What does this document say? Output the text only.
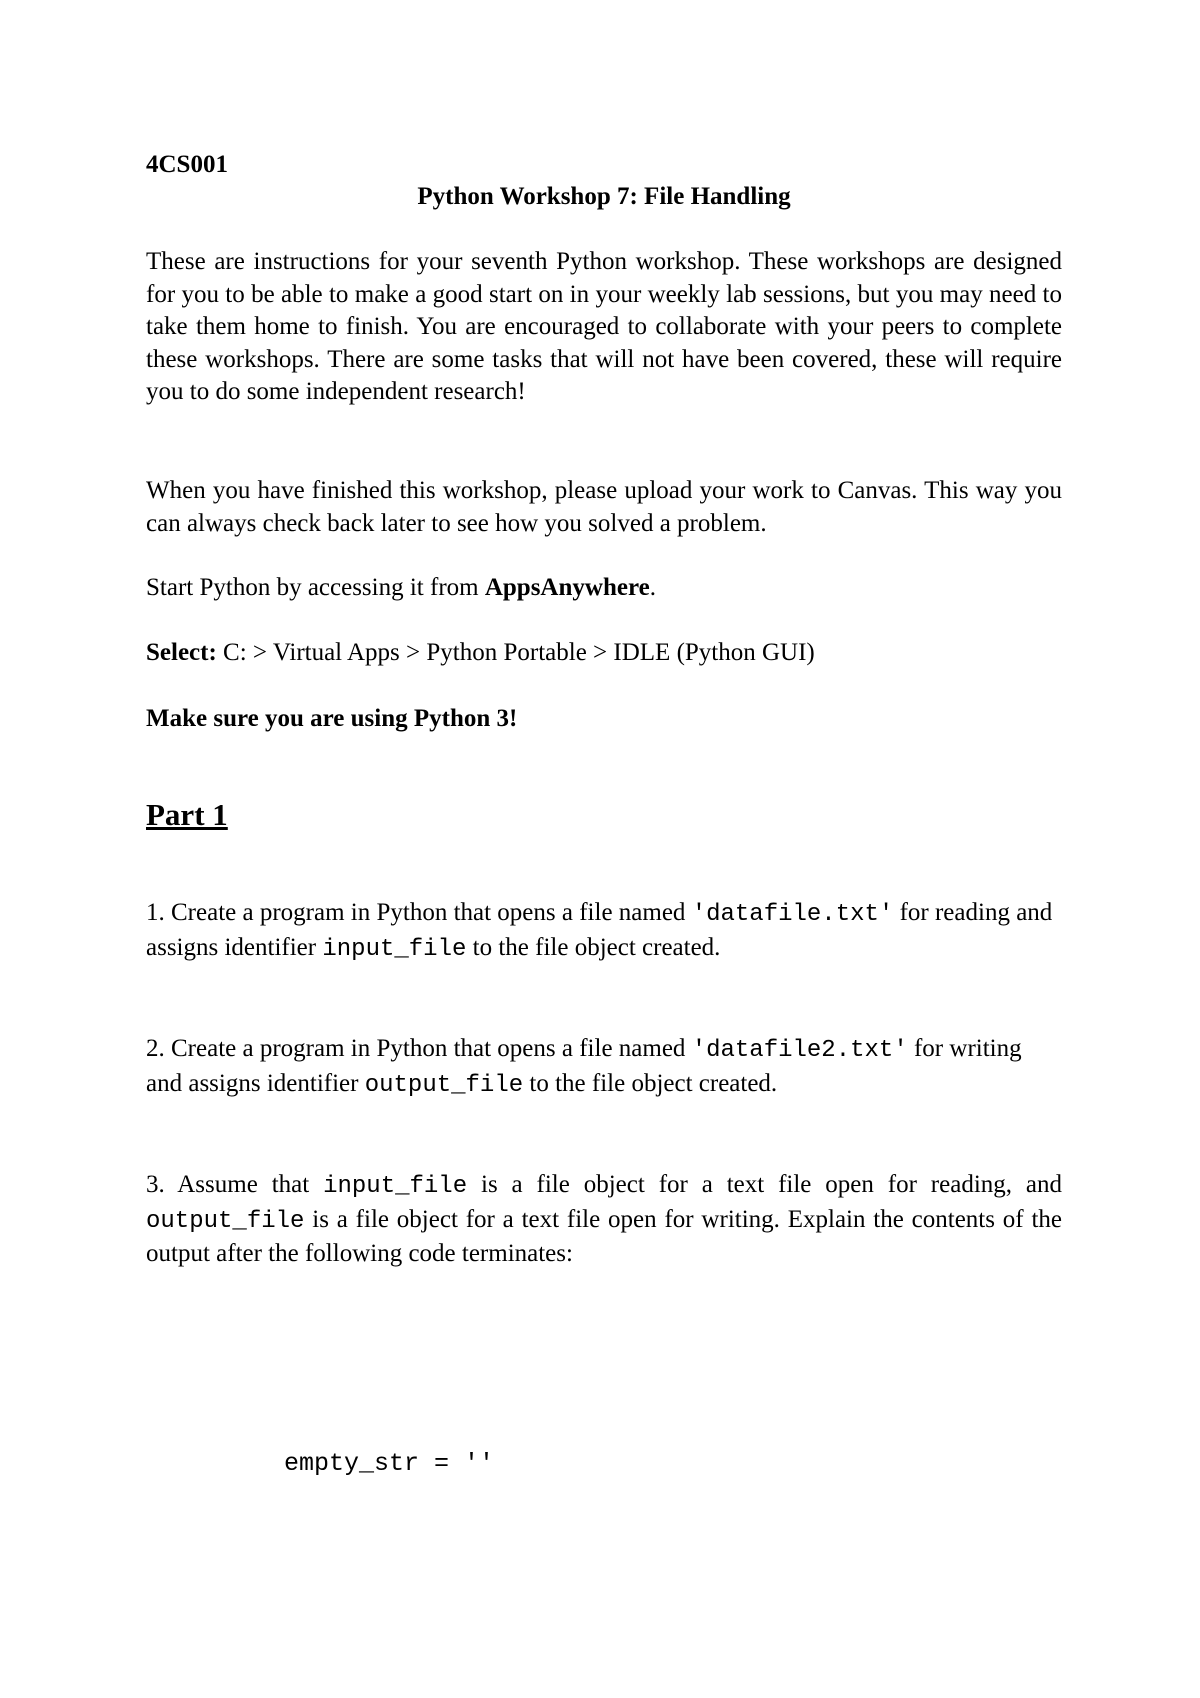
4CS001
Python Workshop 7: File Handling

These are instructions for your seventh Python workshop. These workshops are designed for you to be able to make a good start on in your weekly lab sessions, but you may need to take them home to finish. You are encouraged to collaborate with your peers to complete these workshops. There are some tasks that will not have been covered, these will require you to do some independent research!

When you have finished this workshop, please upload your work to Canvas. This way you can always check back later to see how you solved a problem.

Start Python by accessing it from AppsAnywhere.

Select: C: > Virtual Apps > Python Portable > IDLE (Python GUI)

Make sure you are using Python 3!

Part 1

1. Create a program in Python that opens a file named 'datafile.txt' for reading and assigns identifier input_file to the file object created.

2. Create a program in Python that opens a file named 'datafile2.txt' for writing and assigns identifier output_file to the file object created.

3. Assume that input_file is a file object for a text file open for reading, and output_file is a file object for a text file open for writing. Explain the contents of the output after the following code terminates:

empty_str = ''
